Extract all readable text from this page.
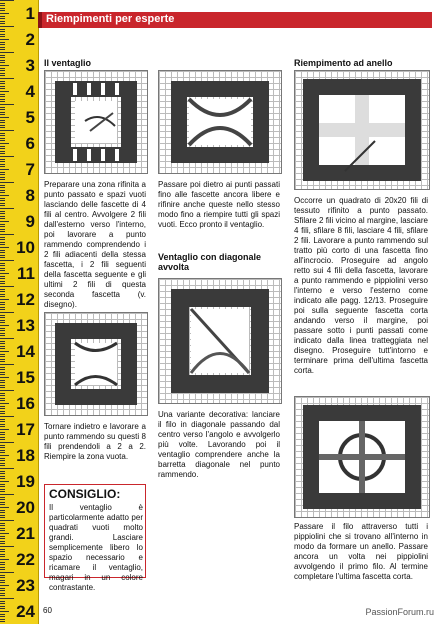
1
2
3
4
5
6
7
8
9
10
11
12
13
14
15
16
17
18
19
20
21
22
23
24
Riempimenti per esperte
Il ventaglio
Preparare una zona rifinita a punto passato e spazi vuoti lasciando delle fascette di 4 fili al centro. Avvolgere 2 fili dall'esterno verso l'interno, poi lavorare a punto rammendo comprendendo i 2 fili adiacenti della stessa fascetta, i 2 fili seguenti della fascetta seguente e gli ultimi 2 fili di questa seconda fascetta (v. disegno).
Tornare indietro e lavorare a punto rammendo su questi 8 fili prendendoli a 2 a 2. Riempire la zona vuota.
CONSIGLIO:
Il ventaglio è particolarmente adatto per quadrati vuoti molto grandi. Lasciare semplicemente libero lo spazio necessario e ricamare il ventaglio, magari in un colore contrastante.
Passare poi dietro ai punti passati fino alle fascette ancora libere e rifinire anche queste nello stesso modo fino a riempire tutti gli spazi vuoti. Ecco pronto il ventaglio.
Ventaglio con diagonale avvolta
Una variante decorativa: lanciare il filo in diagonale passando dal centro verso l'angolo e avvolgerlo più volte. Lavorando poi il ventaglio comprendere anche la barretta diagonale nel punto rammendo.
Riempimento ad anello
Occorre un quadrato di 20x20 fili di tessuto rifinito a punto passato. Sfilare 2 fili vicino al margine, lasciare 4 fili, sfilare 8 fili, lasciare 4 fili, sfilare 2 fili. Lavorare a punto rammendo sul tratto più corto di una fascetta fino all'incrocio. Proseguire ad angolo retto sui 4 fili della fascetta, lavorare a punto rammendo e pippiolini verso l'interno e verso l'esterno come indicato alle pagg. 12/13. Proseguire poi sulla seguente fascetta corta andando verso il margine, poi passare sotto i punti passati come indicato dalla linea tratteggiata nel disegno. Proseguire tutt'intorno e terminare prima dell'ultima fascetta corta.
Passare il filo attraverso tutti i pippiolini che si trovano all'interno in modo da formare un anello. Passare ancora un volta nei pippiolini avvolgendo il primo filo. Al termine completare l'ultima fascetta corta.
60	PassionForum.ru
